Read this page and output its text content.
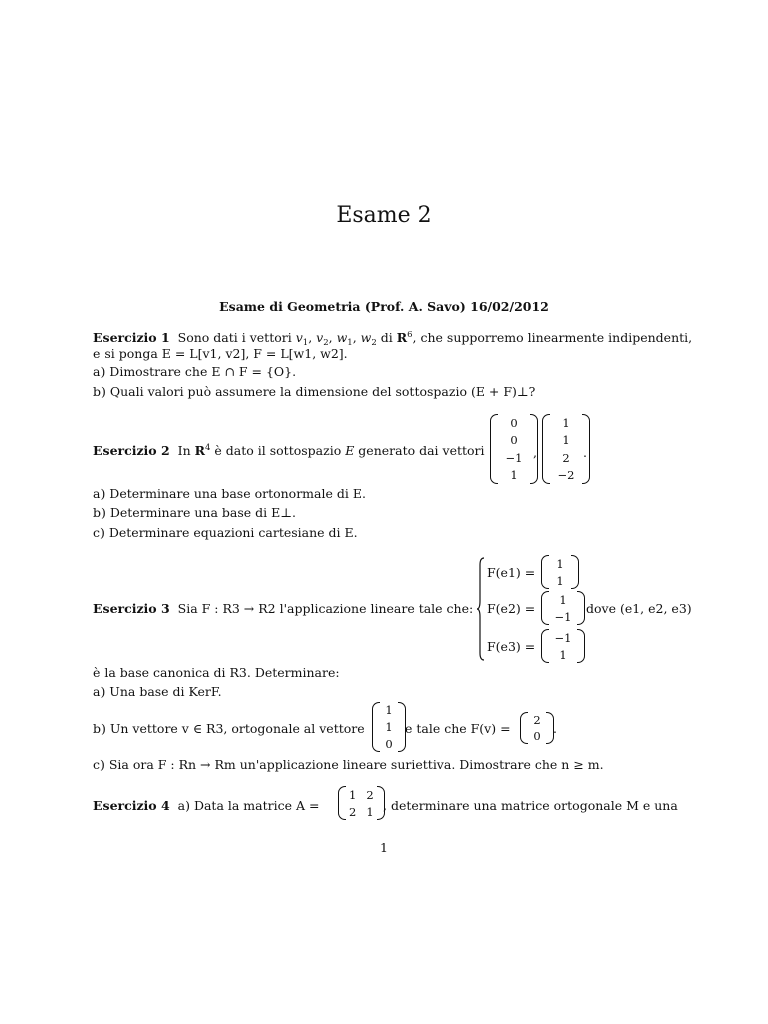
Esame 2
Esame di Geometria (Prof. A. Savo) 16/02/2012
Esercizio 1 Sono dati i vettori $v_1$, $v_2$, $w_1$, $w_2$ di $R^6$, che supporremo linearmente indipendenti,
e si ponga E = L[v1, v2], F = L[w1, w2].
a) Dimostrare che E ∩ F = {O}.
b) Quali valori può assumere la dimensione del sottospazio (E + F)⊥?
Esercizio 2 In $R^4$ è dato il sottospazio E generato dai vettori
0
0
−1
1
,
1
1
2
−2
.
a) Determinare una base ortonormale di E.
b) Determinare una base di E⊥.
c) Determinare equazioni cartesiane di E.
Esercizio 3 Sia F : R3 → R2 l'applicazione lineare tale che:
F(e1) =
1
1
F(e2) =
1
−1
F(e3) =
−1
1
dove (e1, e2, e3)
è la base canonica di R3. Determinare:
a) Una base di KerF.
b) Un vettore v ∈ R3, ortogonale al vettore
1
1
0
e tale che F(v) =
2
0 .
c) Sia ora F : Rn → Rm un'applicazione lineare suriettiva. Dimostrare che n ≥ m.
Esercizio 4 a) Data la matrice A =
1 2
2 1 , determinare una matrice ortogonale M e una
1
